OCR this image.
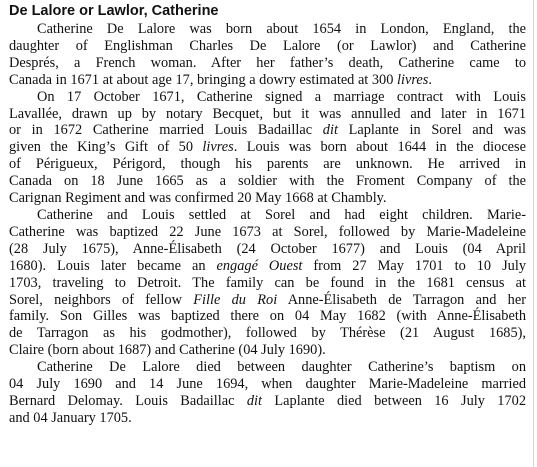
De Lalore or Lawlor, Catherine
Catherine De Lalore was born about 1654 in London, England, the
daughter of Englishman Charles De Lalore (or Lawlor) and Catherine
Després, a French woman. After her father’s death, Catherine came to
Canada in 1671 at about age 17, bringing a dowry estimated at 300 livres.
On 17 October 1671, Catherine signed a marriage contract with Louis
Lavallée, drawn up by notary Becquet, but it was annulled and later in 1671
or in 1672 Catherine married Louis Badaillac dit Laplante in Sorel and was
given the King’s Gift of 50 livres. Louis was born about 1644 in the diocese
of Périgueux, Périgord, though his parents are unknown. He arrived in
Canada on 18 June 1665 as a soldier with the Froment Company of the
Carignan Regiment and was confirmed 20 May 1668 at Chambly.
Catherine and Louis settled at Sorel and had eight children. Marie-
Catherine was baptized 22 June 1673 at Sorel, followed by Marie-Madeleine
(28 July 1675), Anne-Élisabeth (24 October 1677) and Louis (04 April
1680). Louis later became an engagé Ouest from 27 May 1701 to 10 July
1703, traveling to Detroit. The family can be found in the 1681 census at
Sorel, neighbors of fellow Fille du Roi Anne-Élisabeth de Tarragon and her
family. Son Gilles was baptized there on 04 May 1682 (with Anne-Élisabeth
de Tarragon as his godmother), followed by Thérèse (21 August 1685),
Claire (born about 1687) and Catherine (04 July 1690).
Catherine De Lalore died between daughter Catherine’s baptism on
04 July 1690 and 14 June 1694, when daughter Marie-Madeleine married
Bernard Delomay. Louis Badaillac dit Laplante died between 16 July 1702
and 04 January 1705.
